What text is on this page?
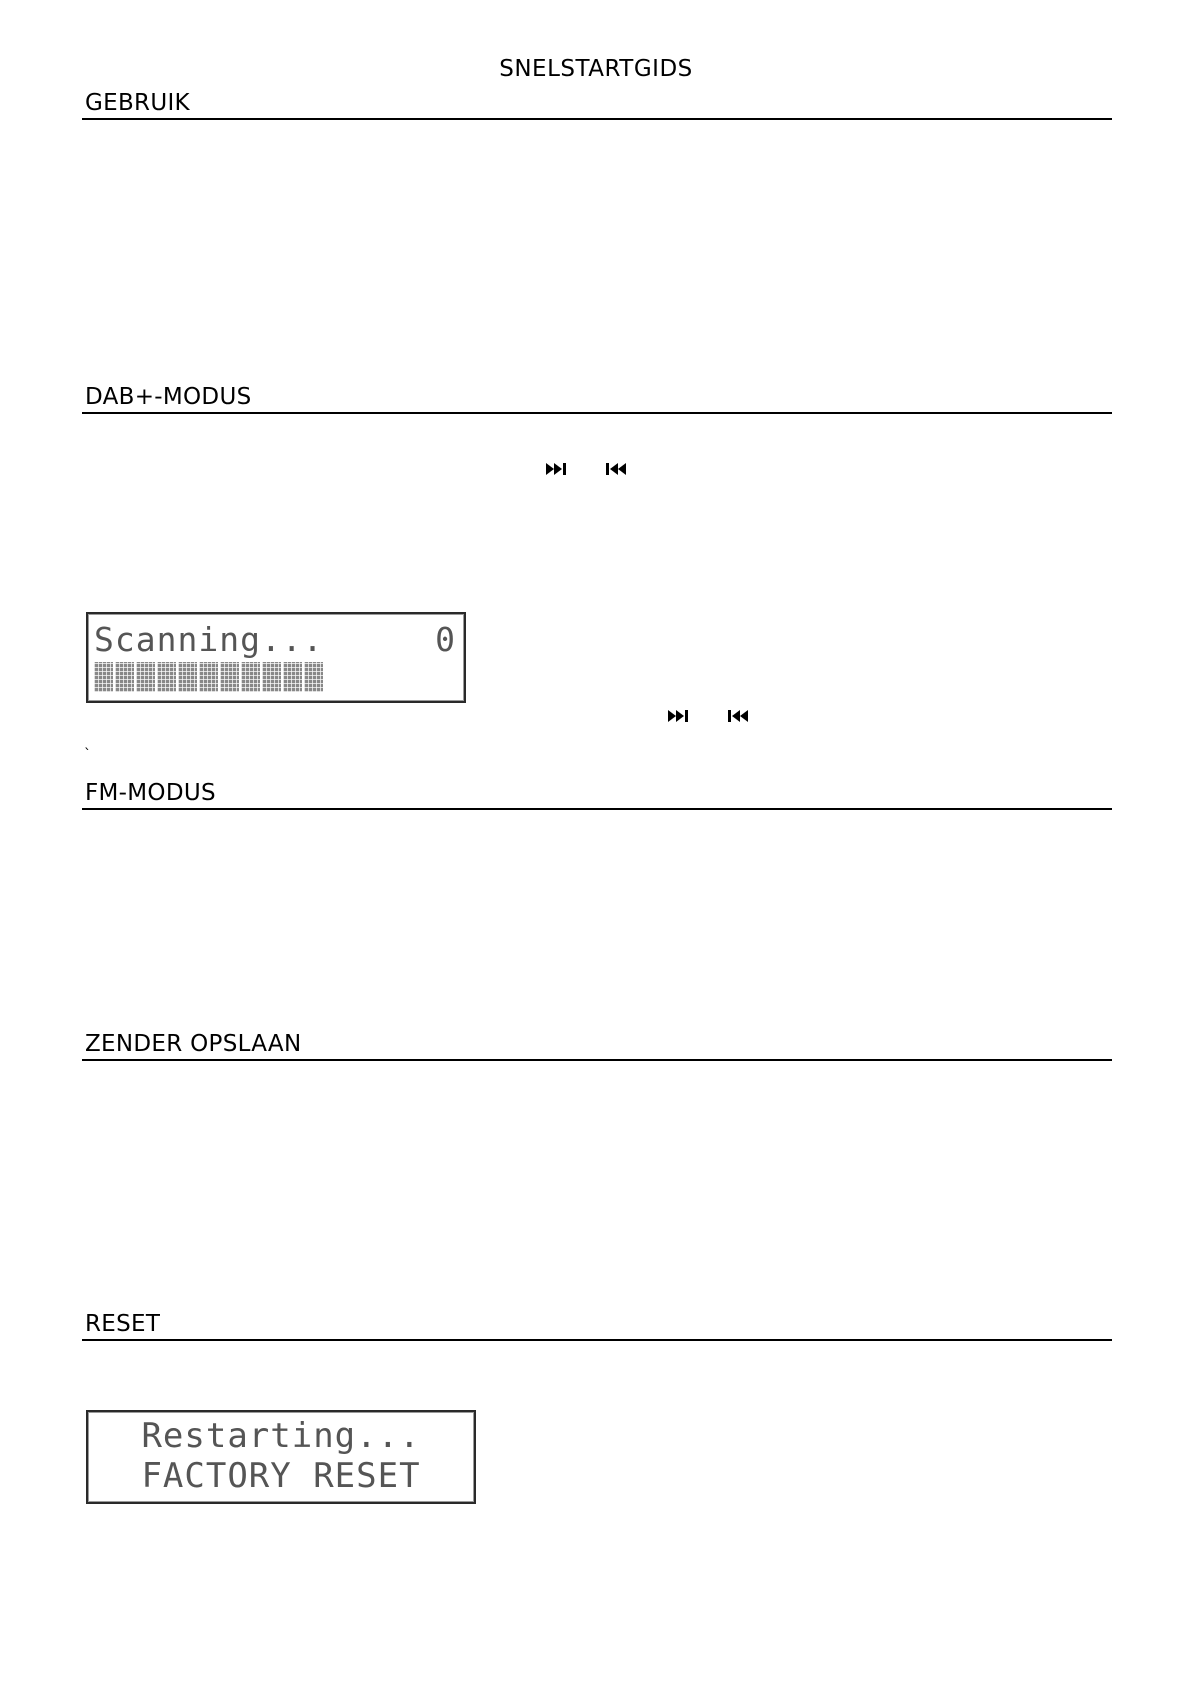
SNELSTARTGIDS
GEBRUIK
DAB+-MODUS
Scanning...	0
`
FM-MODUS
ZENDER OPSLAAN
RESET
Restarting...
FACTORY RESET
